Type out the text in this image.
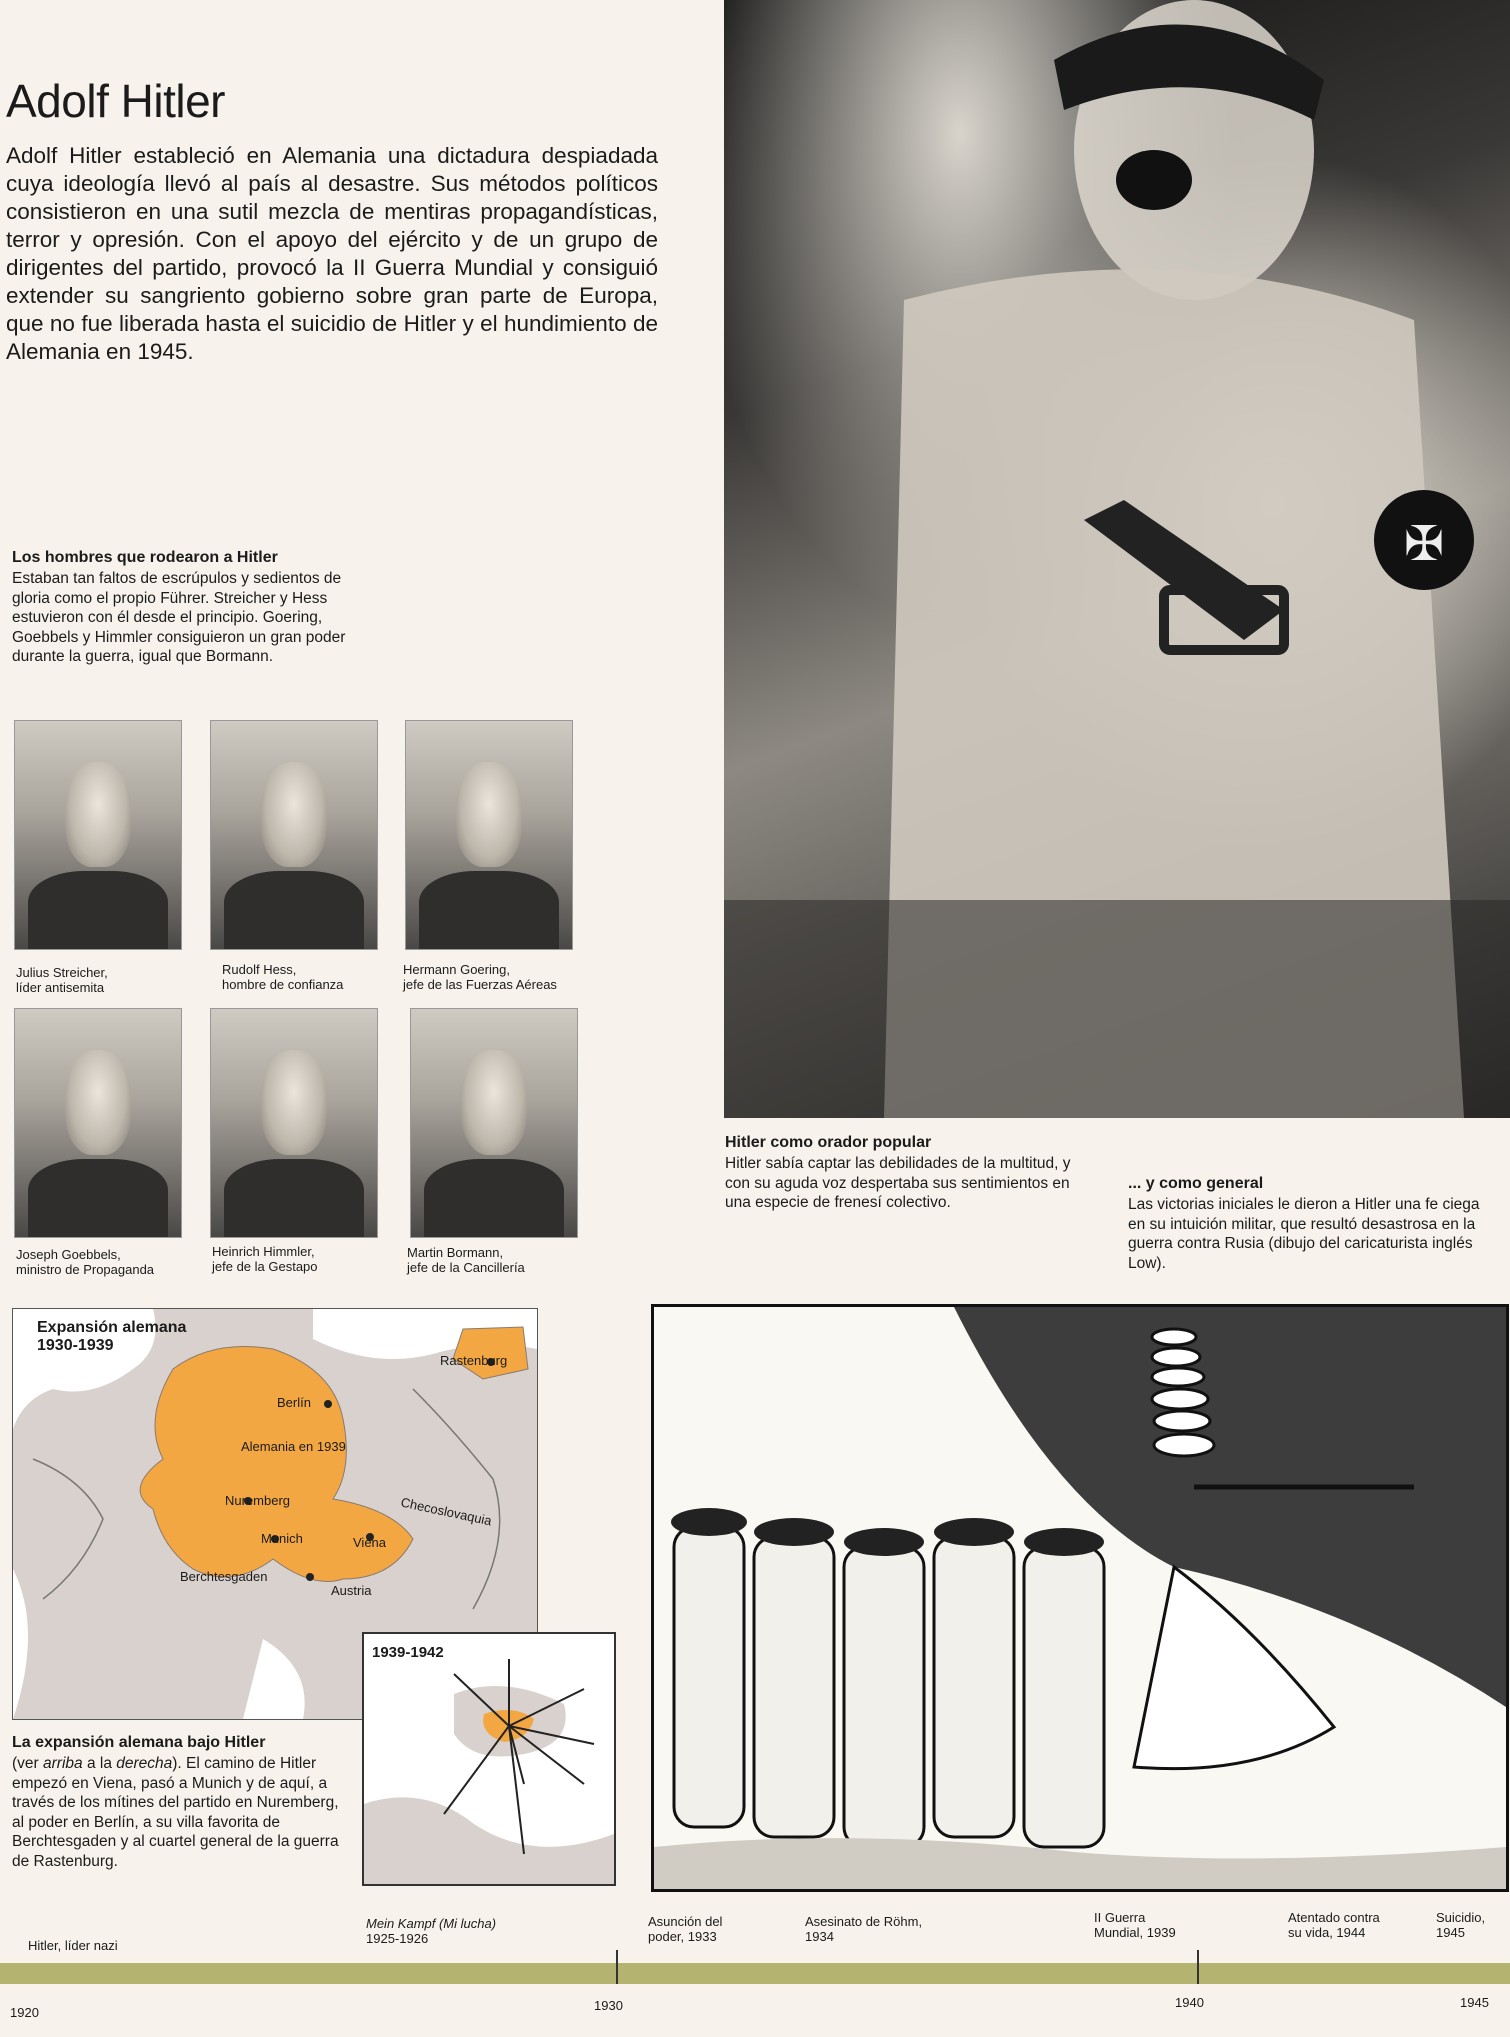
Adolf Hitler

Adolf Hitler estableció en Alemania una dictadura despiadada cuya ideología llevó al país al desastre. Sus métodos políticos consistieron en una sutil mezcla de mentiras propagandísticas, terror y opresión. Con el apoyo del ejército y de un grupo de dirigentes del partido, provocó la II Guerra Mundial y consiguió extender su sangriento gobierno sobre gran parte de Europa, que no fue liberada hasta el suicidio de Hitler y el hundimiento de Alemania en 1945.

✠
Los hombres que rodearon a Hitler
Estaban tan faltos de escrúpulos y sedientos de gloria como el propio Führer. Streicher y Hess estuvieron con él desde el principio. Goering, Goebbels y Himmler consiguieron un gran poder durante la guerra, igual que Bormann.
Julius Streicher,
líder antisemita
Rudolf Hess,
hombre de confianza
Hermann Goering,
jefe de las Fuerzas Aéreas
Joseph Goebbels,
ministro de Propaganda
Heinrich Himmler,
jefe de la Gestapo
Martin Bormann,
jefe de la Cancillería
Hitler como orador popular
Hitler sabía captar las debilidades de la multitud, y con su aguda voz despertaba sus sentimientos en una especie de frenesí colectivo.
... y como general
Las victorias iniciales le dieron a Hitler una fe ciega en su intuición militar, que resultó desastrosa en la guerra contra Rusia (dibujo del caricaturista inglés Low).
Expansión alemana
1930-1939
Rastenburg
Berlín
Alemania en 1939
Nuremberg	Checoslovaquia
Munich	Viena
Berchtesgaden
Austria
1939-1942
La expansión alemana bajo Hitler
(ver arriba a la derecha). El camino de Hitler empezó en Viena, pasó a Munich y de aquí, a través de los mítines del partido en Nuremberg, al poder en Berlín, a su villa favorita de Berchtesgaden y al cuartel general de la guerra de Rastenburg.
Hitler, líder nazi
Mein Kampf (Mi lucha)
1925-1926
Asunción del
poder, 1933
Asesinato de Röhm,
1934
II Guerra
Mundial, 1939
Atentado contra
su vida, 1944
Suicidio,
1945
1920	1930	1940	1945
